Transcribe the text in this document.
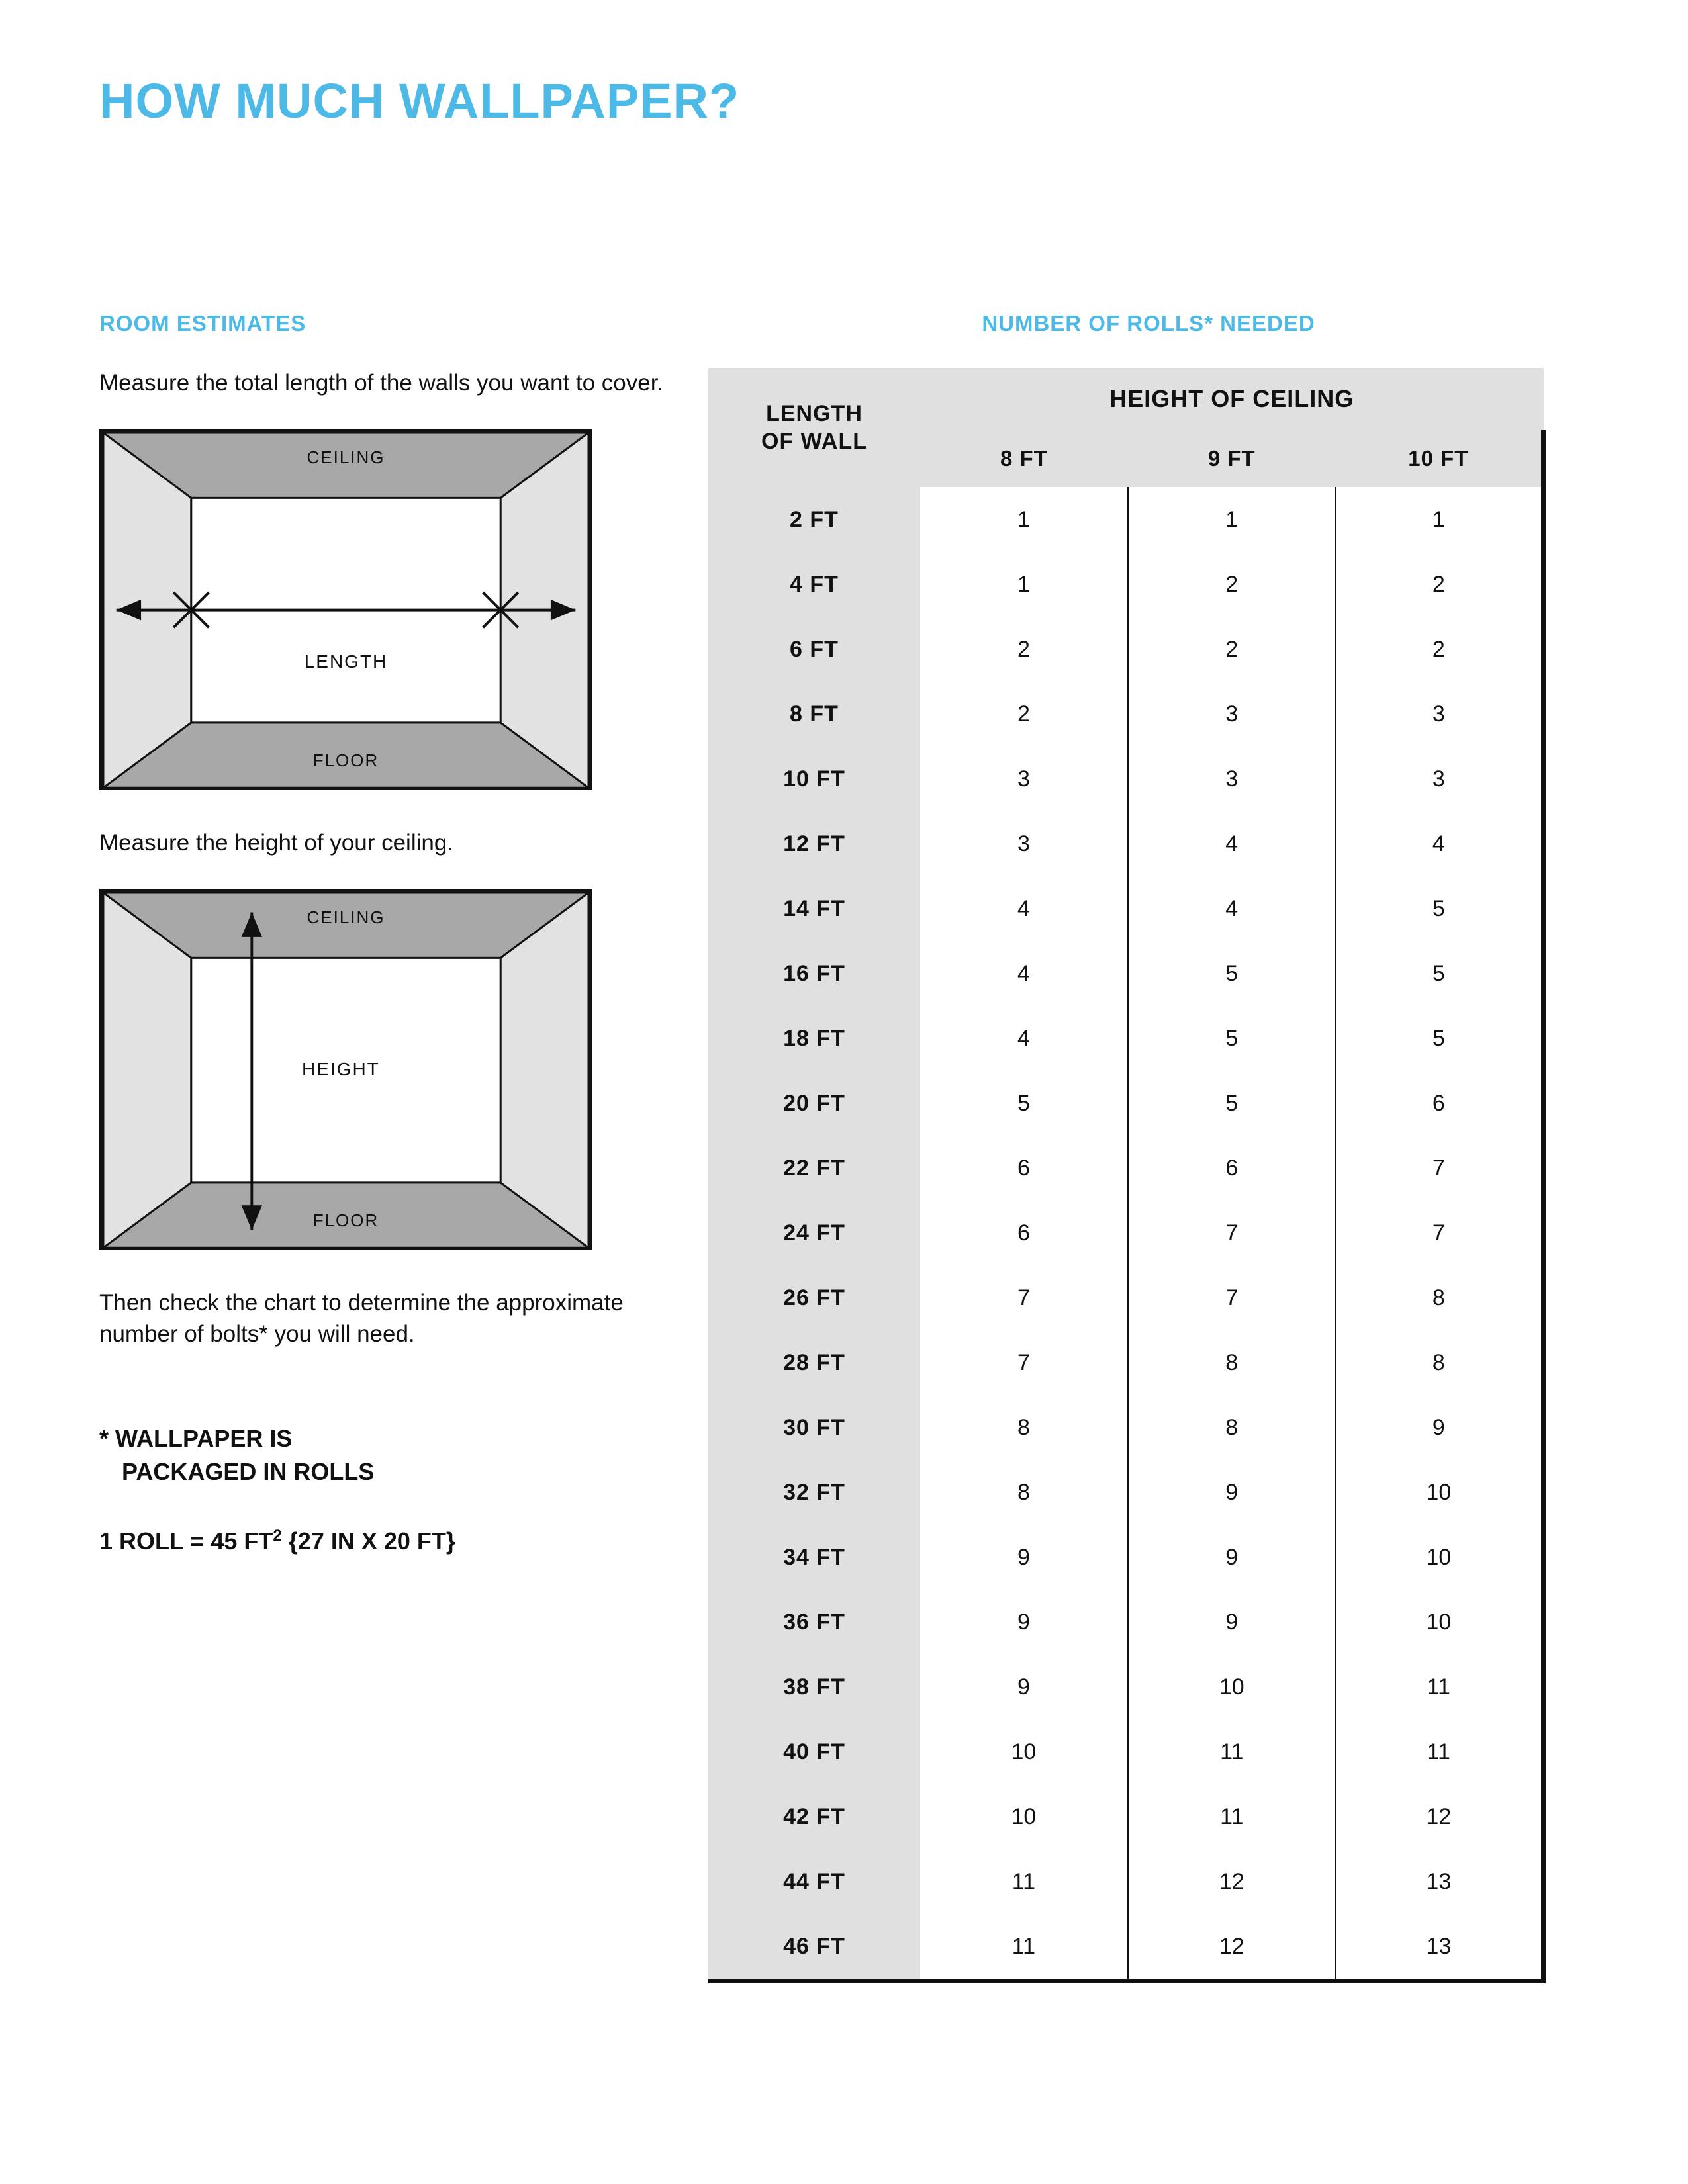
HOW MUCH WALLPAPER?
ROOM ESTIMATES
Measure the total length of the walls you want to cover.
CEILING
FLOOR
LENGTH
Measure the height of your ceiling.
CEILING
FLOOR
HEIGHT
Then check the chart to determine the approximate number of bolts* you will need.
* WALLPAPER IS
PACKAGED IN ROLLS
1 ROLL = 45 $FT^2$ {27 IN X 20 FT}
NUMBER OF ROLLS* NEEDED
LENGTH
OF WALL	HEIGHT OF CEILING		
	8 FT	9 FT	10 FT
2 FT	1	1	1
4 FT	1	2	2
6 FT	2	2	2
8 FT	2	3	3
10 FT	3	3	3
12 FT	3	4	4
14 FT	4	4	5
16 FT	4	5	5
18 FT	4	5	5
20 FT	5	5	6
22 FT	6	6	7
24 FT	6	7	7
26 FT	7	7	8
28 FT	7	8	8
30 FT	8	8	9
32 FT	8	9	10
34 FT	9	9	10
36 FT	9	9	10
38 FT	9	10	11
40 FT	10	11	11
42 FT	10	11	12
44 FT	11	12	13
46 FT	11	12	13
